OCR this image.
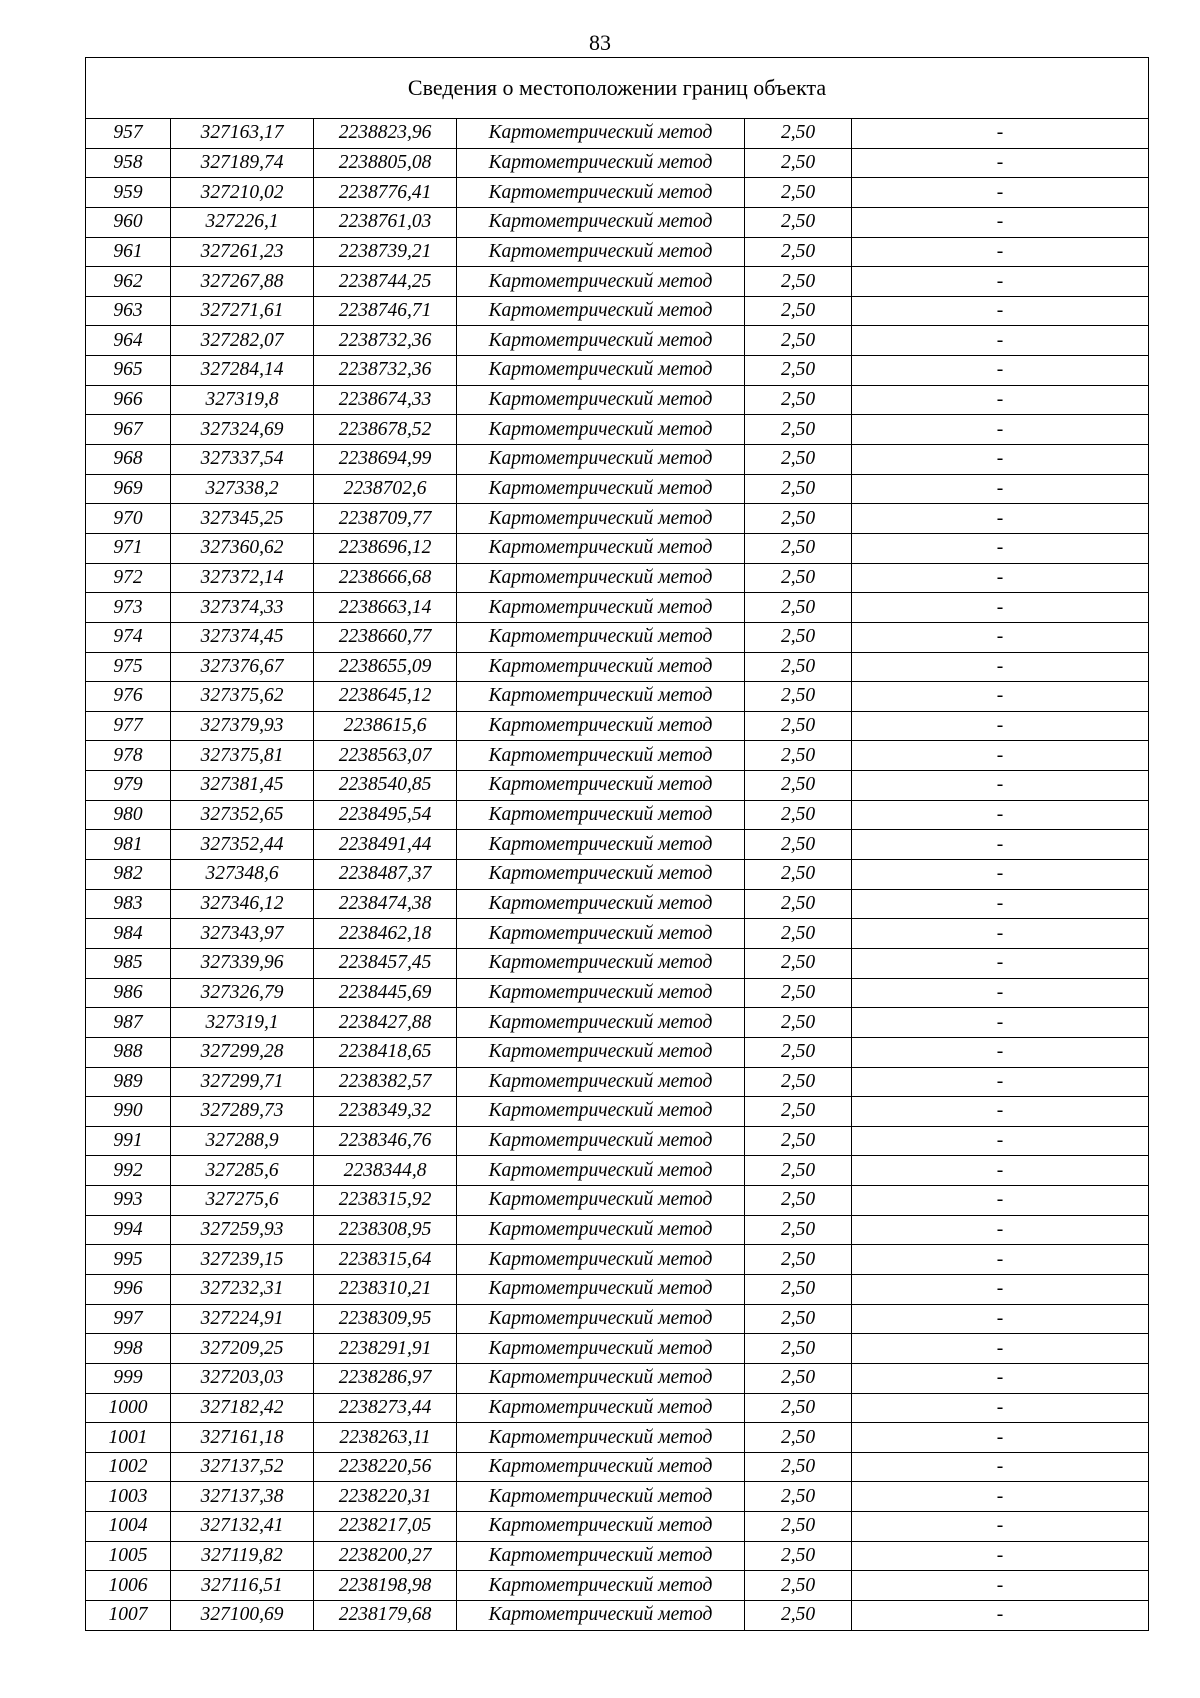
83
Сведения о местоположении границ объекта					
957	327163,17	2238823,96	Картометрический метод	2,50	-
958	327189,74	2238805,08	Картометрический метод	2,50	-
959	327210,02	2238776,41	Картометрический метод	2,50	-
960	327226,1	2238761,03	Картометрический метод	2,50	-
961	327261,23	2238739,21	Картометрический метод	2,50	-
962	327267,88	2238744,25	Картометрический метод	2,50	-
963	327271,61	2238746,71	Картометрический метод	2,50	-
964	327282,07	2238732,36	Картометрический метод	2,50	-
965	327284,14	2238732,36	Картометрический метод	2,50	-
966	327319,8	2238674,33	Картометрический метод	2,50	-
967	327324,69	2238678,52	Картометрический метод	2,50	-
968	327337,54	2238694,99	Картометрический метод	2,50	-
969	327338,2	2238702,6	Картометрический метод	2,50	-
970	327345,25	2238709,77	Картометрический метод	2,50	-
971	327360,62	2238696,12	Картометрический метод	2,50	-
972	327372,14	2238666,68	Картометрический метод	2,50	-
973	327374,33	2238663,14	Картометрический метод	2,50	-
974	327374,45	2238660,77	Картометрический метод	2,50	-
975	327376,67	2238655,09	Картометрический метод	2,50	-
976	327375,62	2238645,12	Картометрический метод	2,50	-
977	327379,93	2238615,6	Картометрический метод	2,50	-
978	327375,81	2238563,07	Картометрический метод	2,50	-
979	327381,45	2238540,85	Картометрический метод	2,50	-
980	327352,65	2238495,54	Картометрический метод	2,50	-
981	327352,44	2238491,44	Картометрический метод	2,50	-
982	327348,6	2238487,37	Картометрический метод	2,50	-
983	327346,12	2238474,38	Картометрический метод	2,50	-
984	327343,97	2238462,18	Картометрический метод	2,50	-
985	327339,96	2238457,45	Картометрический метод	2,50	-
986	327326,79	2238445,69	Картометрический метод	2,50	-
987	327319,1	2238427,88	Картометрический метод	2,50	-
988	327299,28	2238418,65	Картометрический метод	2,50	-
989	327299,71	2238382,57	Картометрический метод	2,50	-
990	327289,73	2238349,32	Картометрический метод	2,50	-
991	327288,9	2238346,76	Картометрический метод	2,50	-
992	327285,6	2238344,8	Картометрический метод	2,50	-
993	327275,6	2238315,92	Картометрический метод	2,50	-
994	327259,93	2238308,95	Картометрический метод	2,50	-
995	327239,15	2238315,64	Картометрический метод	2,50	-
996	327232,31	2238310,21	Картометрический метод	2,50	-
997	327224,91	2238309,95	Картометрический метод	2,50	-
998	327209,25	2238291,91	Картометрический метод	2,50	-
999	327203,03	2238286,97	Картометрический метод	2,50	-
1000	327182,42	2238273,44	Картометрический метод	2,50	-
1001	327161,18	2238263,11	Картометрический метод	2,50	-
1002	327137,52	2238220,56	Картометрический метод	2,50	-
1003	327137,38	2238220,31	Картометрический метод	2,50	-
1004	327132,41	2238217,05	Картометрический метод	2,50	-
1005	327119,82	2238200,27	Картометрический метод	2,50	-
1006	327116,51	2238198,98	Картометрический метод	2,50	-
1007	327100,69	2238179,68	Картометрический метод	2,50	-
